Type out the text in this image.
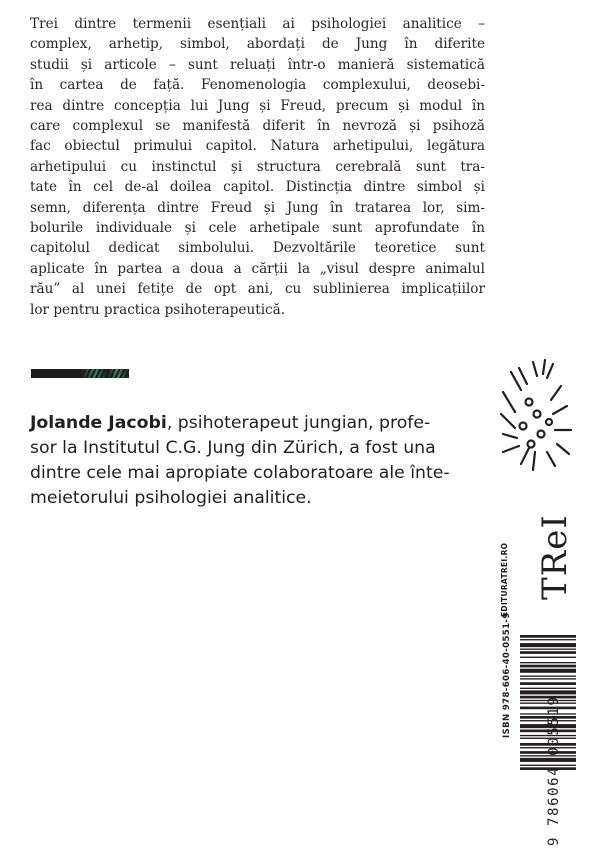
Trei dintre termenii esențiali ai psihologiei analitice –
complex, arhetip, simbol, abordați de Jung în diferite
studii și articole – sunt reluați într-o manieră sistematică
în cartea de față. Fenomenologia complexului, deosebi-
rea dintre concepția lui Jung și Freud, precum și modul în
care complexul se manifestă diferit în nevroză și psihoză
fac obiectul primului capitol. Natura arhetipului, legătura
arhetipului cu instinctul și structura cerebrală sunt tra-
tate în cel de-al doilea capitol. Distincția dintre simbol și
semn, diferența dintre Freud și Jung în tratarea lor, sim-
bolurile individuale și cele arhetipale sunt aprofundate în
capitolul dedicat simbolului. Dezvoltările teoretice sunt
aplicate în partea a doua a cărții la „visul despre animalul
rău” al unei fetițe de opt ani, cu sublinierea implicațiilor
lor pentru practica psihoterapeutică.
Jolande Jacobi, psihoterapeut jungian, profe-
sor la Institutul C.G. Jung din Zürich, a fost una
dintre cele mai apropiate colaboratoare ale înte-
meietorului psihologiei analitice.
EDITURATREI.RO TReI
ISBN 978-606-40-0551-9
9 786064 005519
